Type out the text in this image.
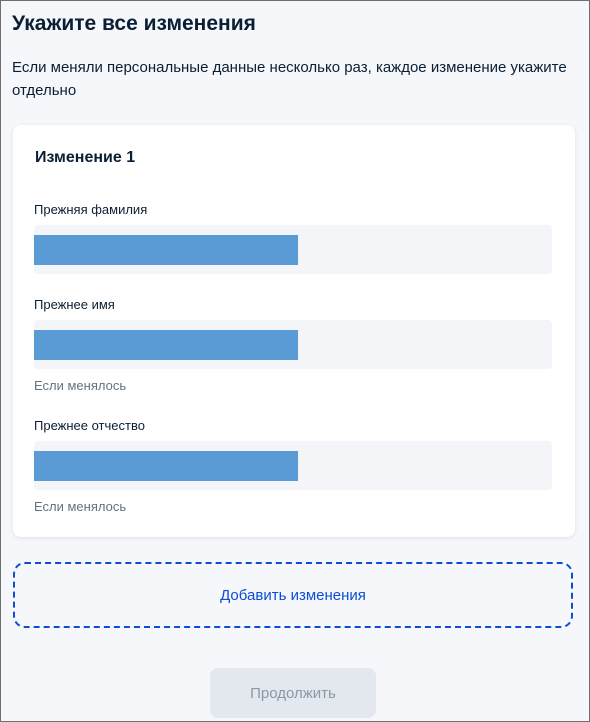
Укажите все изменения

Если меняли персональные данные несколько раз, каждое изменение укажите отдельно

Изменение 1
Прежняя фамилия
Прежнее имя
Если менялось
Прежнее отчество
Если менялось
Добавить изменения
Продолжить
